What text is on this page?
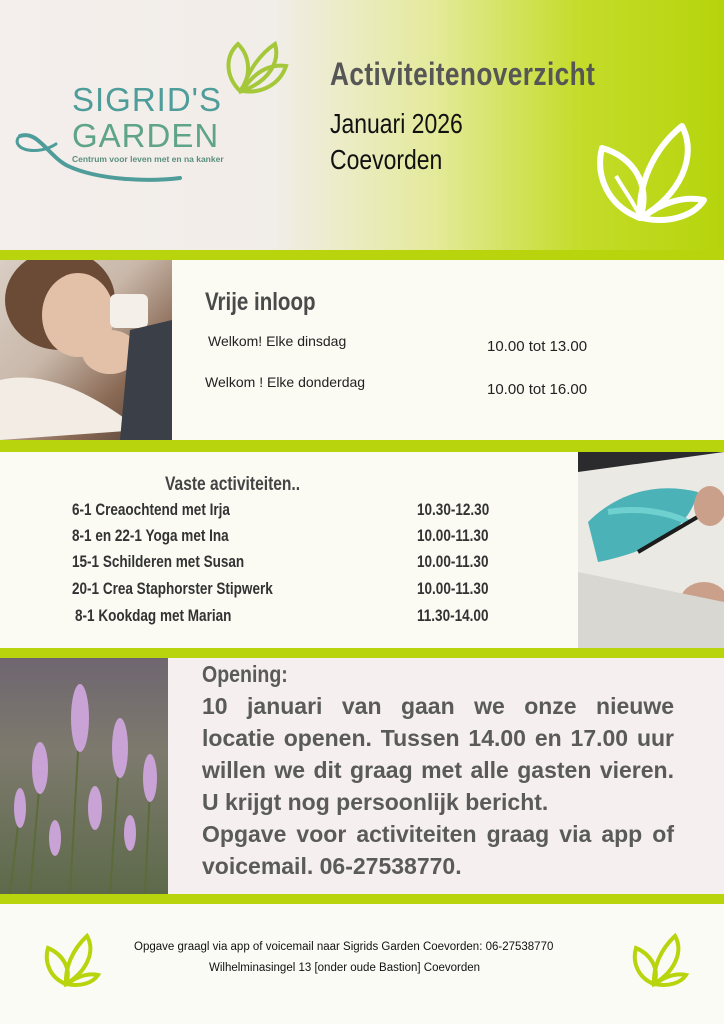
SIGRID'S
GARDEN
Centrum voor leven met en na kanker
Activiteitenoverzicht
Januari 2026
Coevorden
Vrije inloop
Welkom! Elke dinsdag	10.00 tot 13.00
Welkom ! Elke donderdag	10.00 tot 16.00
Vaste activiteiten..
6-1 Creaochtend met Irja	10.30-12.30
8-1 en 22-1 Yoga met Ina	10.00-11.30
15-1 Schilderen met Susan	10.00-11.30
20-1 Crea Staphorster Stipwerk	10.00-11.30
8-1 Kookdag met Marian	11.30-14.00
Opening:
10 januari van gaan we onze nieuwe locatie openen. Tussen 14.00 en 17.00 uur willen we dit graag met alle gasten vieren. U krijgt nog persoonlijk bericht.
Opgave voor activiteiten graag via app of voicemail. 06-27538770.
Opgave graagl via app of voicemail naar Sigrids Garden Coevorden: 06-27538770
Wilhelminasingel 13 [onder oude Bastion] Coevorden
